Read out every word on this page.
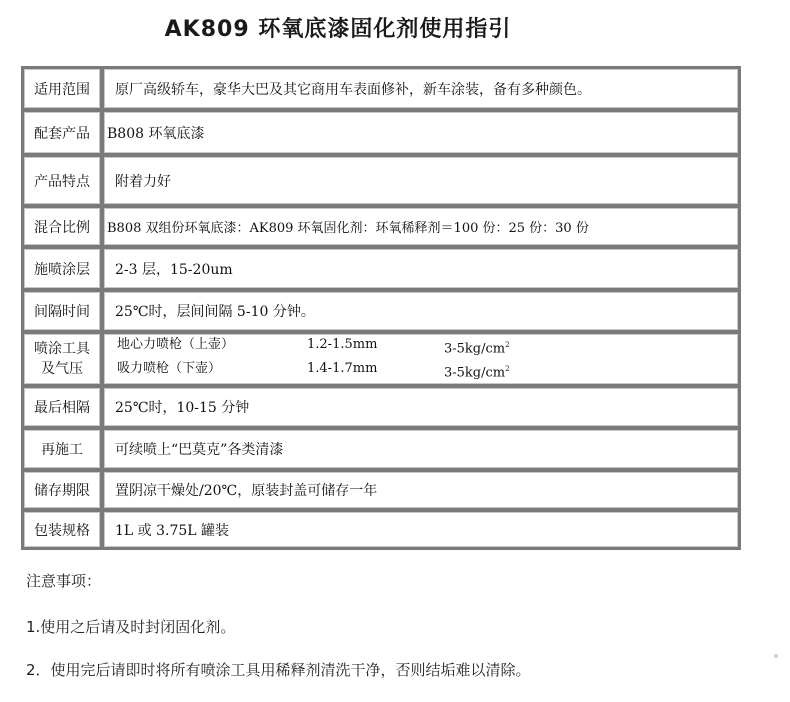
AK809 环氧底漆固化剂使用指引
适用范围	原厂高级轿车，豪华大巴及其它商用车表面修补，新车涂装，备有多种颜色。
配套产品	B808 环氧底漆
产品特点	附着力好
混合比例	B808 双组份环氧底漆：AK809 环氧固化剂：环氧稀释剂＝100 份：25 份：30 份
施喷涂层	2-3 层，15-20um
间隔时间	25℃时，层间间隔 5-10 分钟。
喷涂工具
及气压
地心力喷枪（上壶）	1.2-1.5mm	$3-5kg/cm^2$
吸力喷枪（下壶）	1.4-1.7mm	$3-5kg/cm^2$
最后相隔	25℃时，10-15 分钟
再施工	可续喷上“巴莫克”各类清漆
储存期限	置阴凉干燥处/20℃，原装封盖可储存一年
包装规格	1L 或 3.75L 罐装
注意事项：
1.使用之后请及时封闭固化剂。
2．使用完后请即时将所有喷涂工具用稀释剂清洗干净，否则结垢难以清除。
